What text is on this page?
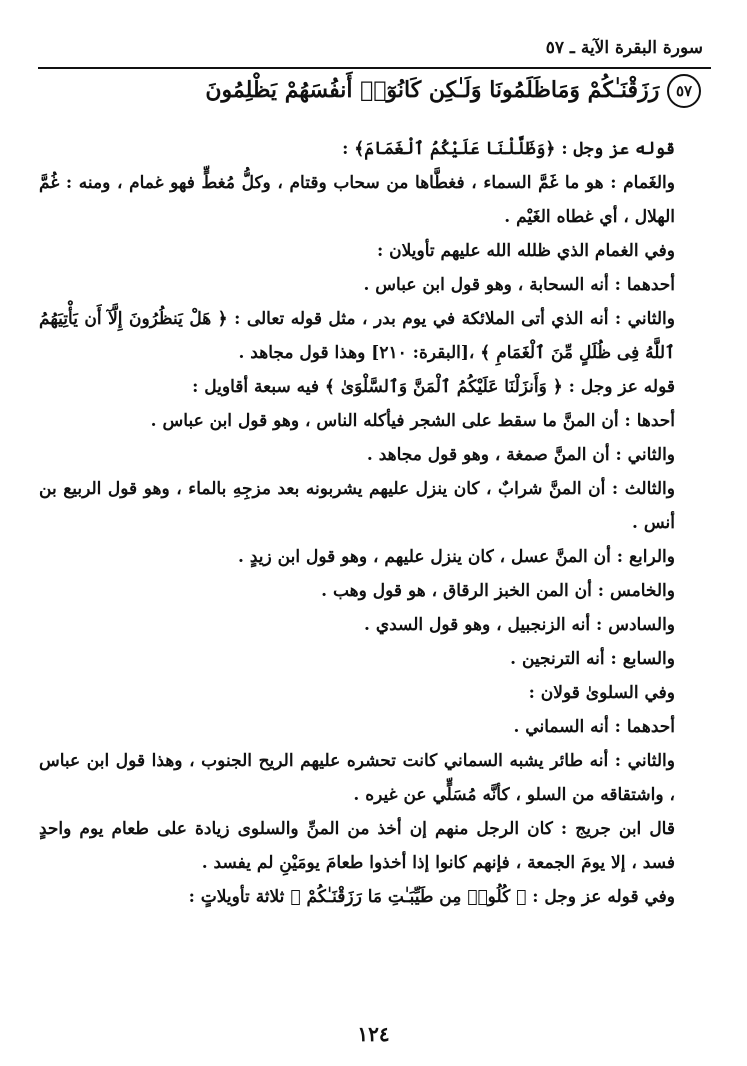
سورة البقرة الآية ـ ٥٧
٥٧ رَزَقْنَـٰكُمْ وَمَاظَلَمُونَا وَلَـٰكِن كَانُوٓا۟ أَنفُسَهُمْ يَظْلِمُونَ

قوله عز وجل : ﴿وَظَلَّلْنَا عَلَيْكُمُ ٱلْغَمَامَ﴾ :

والغَمام : هو ما غَمَّ السماء ، فغطَّاها من سحاب وقتام ، وكلُّ مُغطٍّ فهو غمام ، ومنه : غُمَّ الهلال ، أي غطاه الغَيْم .

وفي الغمام الذي ظلله الله عليهم تأويلان :

أحدهما : أنه السحابة ، وهو قول ابن عباس .

والثاني : أنه الذي أتى الملائكة في يوم بدر ، مثل قوله تعالى : ﴿ هَلْ يَنظُرُونَ إِلَّآ أَن يَأْتِيَهُمُ ٱللَّهُ فِى ظُلَلٍ مِّنَ ٱلْغَمَامِ ﴾ ،[البقرة: ٢١٠] وهذا قول مجاهد .

قوله عز وجل : ﴿ وَأَنزَلْنَا عَلَيْكُمُ ٱلْمَنَّ وَٱلسَّلْوَىٰ ﴾ فيه سبعة أقاويل :

أحدها : أن المنَّ ما سقط على الشجر فيأكله الناس ، وهو قول ابن عباس .

والثاني : أن المنَّ صمغة ، وهو قول مجاهد .

والثالث : أن المنَّ شرابٌ ، كان ينزل عليهم يشربونه بعد مزجِهِ بالماء ، وهو قول الربيع بن أنس .

والرابع : أن المنَّ عسل ، كان ينزل عليهم ، وهو قول ابن زيدٍ .

والخامس : أن المن الخبز الرقاق ، هو قول وهب .

والسادس : أنه الزنجبيل ، وهو قول السدي .

والسابع : أنه الترنجين .

وفي السلوىٰ قولان :

أحدهما : أنه السماني .

والثاني : أنه طائر يشبه السماني كانت تحشره عليهم الريح الجنوب ، وهذا قول ابن عباس ، واشتقاقه من السلو ، كأنَّه مُسَلٍّي عن غيره .

قال ابن جريج : كان الرجل منهم إن أخذ من المنِّ والسلوى زيادة على طعام يوم واحدٍ فسد ، إلا يومَ الجمعة ، فإنهم كانوا إذا أخذوا طعامَ يومَيْنِ لم يفسد .

وفي قوله عز وجل : ﴿ كُلُوا۟ مِن طَيِّبَـٰتِ مَا رَزَقْنَـٰكُمْ ﴾ ثلاثة تأويلاتٍ :

١٢٤
